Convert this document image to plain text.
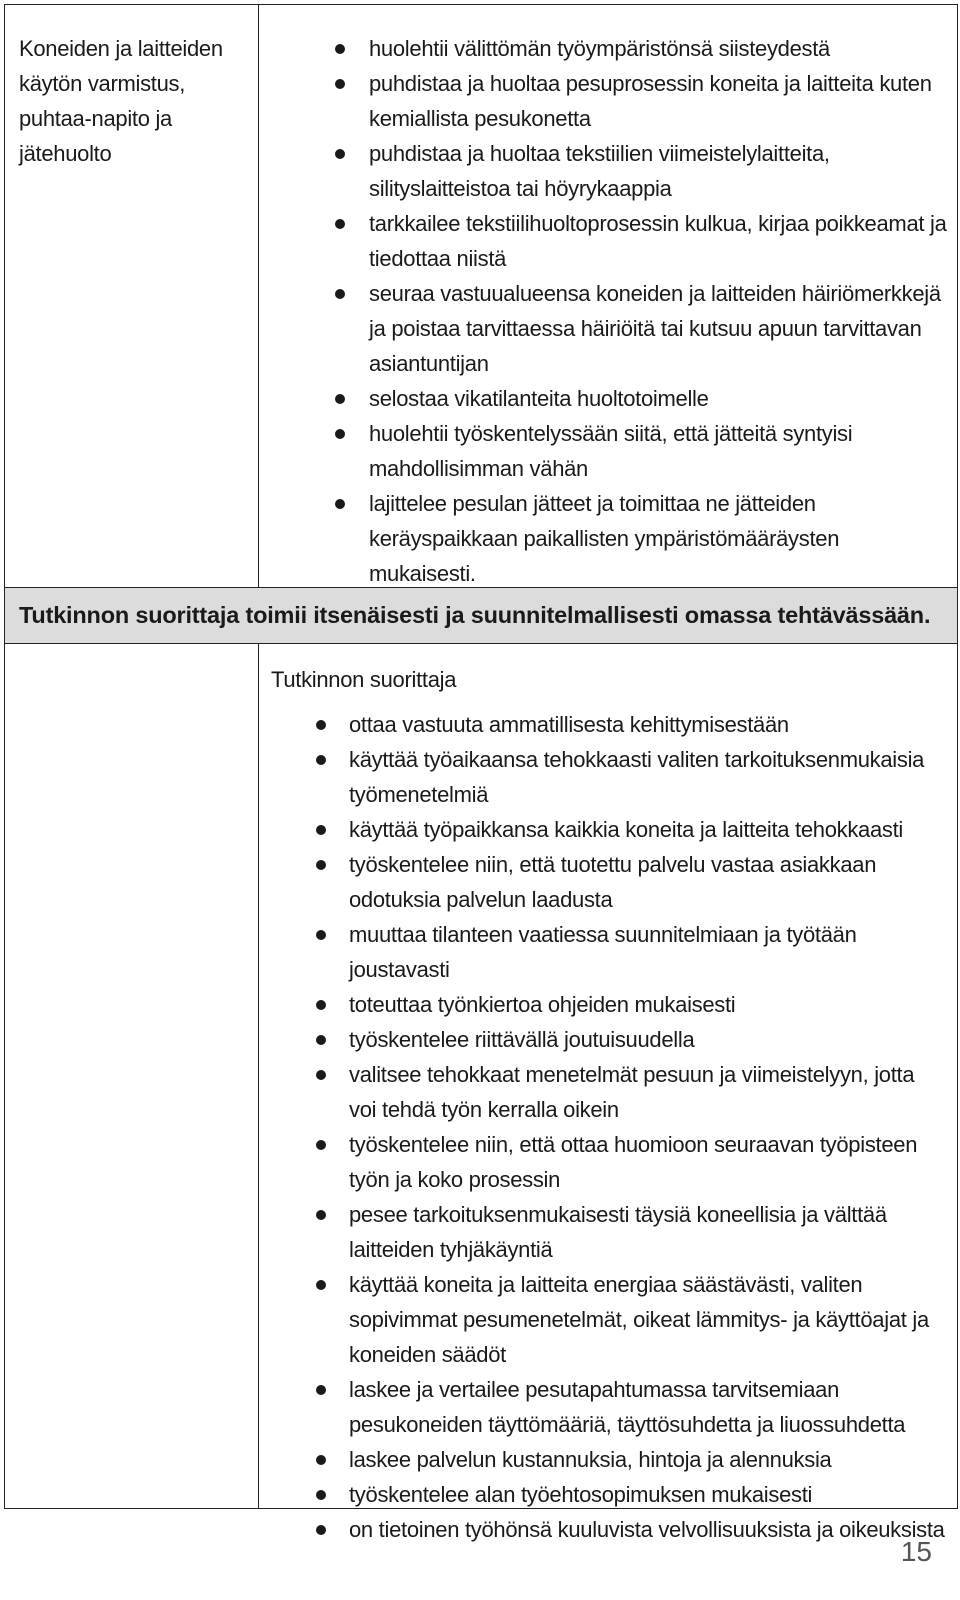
Koneiden ja laitteiden käytön varmistus, puhtaa-napito ja jätehuolto
huolehtii välittömän työympäristönsä siisteydestä
puhdistaa ja huoltaa pesuprosessin koneita ja laitteita kuten kemiallista pesukonetta
puhdistaa ja huoltaa tekstiilien viimeistelylaitteita, silityslaitteistoa tai höyrykaappia
tarkkailee tekstiilihuoltoprosessin kulkua, kirjaa poikkeamat ja tiedottaa niistä
seuraa vastuualueensa koneiden ja laitteiden häiriömerkkejä ja poistaa tarvittaessa häiriöitä tai kutsuu apuun tarvittavan asiantuntijan
selostaa vikatilanteita huoltotoimelle
huolehtii työskentelyssään siitä, että jätteitä syntyisi mahdollisimman vähän
lajittelee pesulan jätteet ja toimittaa ne jätteiden keräyspaikkaan paikallisten ympäristömääräysten mukaisesti.
Tutkinnon suorittaja toimii itsenäisesti ja suunnitelmallisesti omassa tehtävässään.

Tutkinnon suorittaja

ottaa vastuuta ammatillisesta kehittymisestään
käyttää työaikaansa tehokkaasti valiten tarkoituksenmukaisia työmenetelmiä
käyttää työpaikkansa kaikkia koneita ja laitteita tehokkaasti
työskentelee niin, että tuotettu palvelu vastaa asiakkaan odotuksia palvelun laadusta
muuttaa tilanteen vaatiessa suunnitelmiaan ja työtään joustavasti
toteuttaa työnkiertoa ohjeiden mukaisesti
työskentelee riittävällä joutuisuudella
valitsee tehokkaat menetelmät pesuun ja viimeistelyyn, jotta voi tehdä työn kerralla oikein
työskentelee niin, että ottaa huomioon seuraavan työpisteen työn ja koko prosessin
pesee tarkoituksenmukaisesti täysiä koneellisia ja välttää laitteiden tyhjäkäyntiä
käyttää koneita ja laitteita energiaa säästävästi, valiten sopivimmat pesumenetelmät, oikeat lämmitys- ja käyttöajat ja koneiden säädöt
laskee ja vertailee pesutapahtumassa tarvitsemiaan pesukoneiden täyttömääriä, täyttösuhdetta ja liuossuhdetta
laskee palvelun kustannuksia, hintoja ja alennuksia
työskentelee alan työehtosopimuksen mukaisesti
on tietoinen työhönsä kuuluvista velvollisuuksista ja oikeuksista
15
